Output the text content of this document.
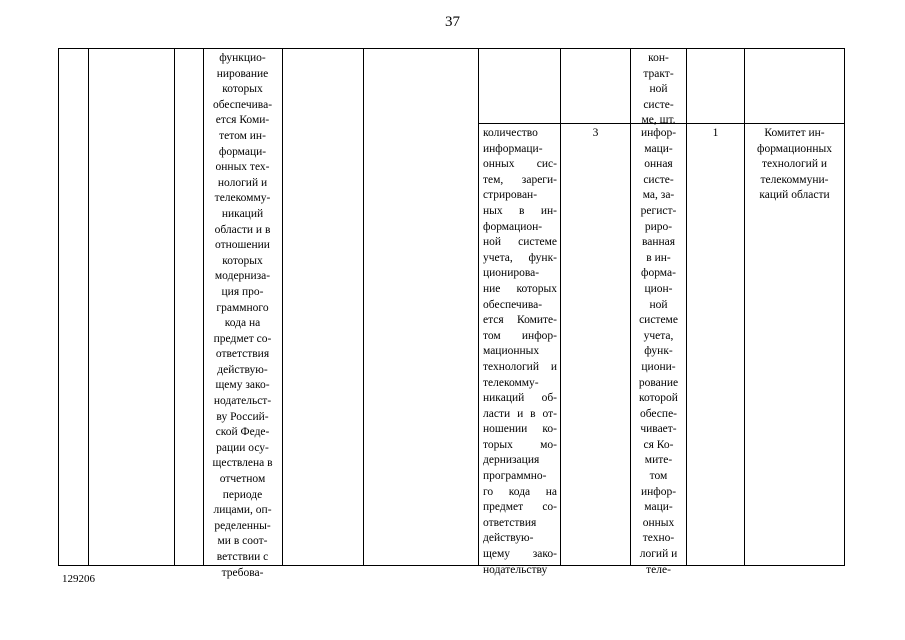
37
функцио-
нирование
которых
обеспечива-
ется Коми-
тетом ин-
формаци-
онных тех-
нологий и
телекомму-
никаций
области и в
отношении
которых
модерниза-
ция про-
граммного
кода на
предмет со-
ответствия
действую-
щему зако-
нодательст-
ву Россий-
ской Феде-
рации осу-
ществлена в
отчетном
периоде
лицами, оп-
ределенны-
ми в соот-
ветствии с
требова-
кон-
тракт-
ной
систе-
ме, шт.
количество
информаци-
онных сис-
тем, зареги-
стрирован-
ных в ин-
формацион-
ной системе
учета, функ-
ционирова-
ние которых
обеспечива-
ется Комите-
том инфор-
мационных
технологий и
телекомму-
никаций об-
ласти и в от-
ношении ко-
торых мо-
дернизация
программно-
го кода на
предмет со-
ответствия
действую-
щему зако-
нодательству
3	инфор-
маци-
онная
систе-
ма, за-
регист-
риро-
ванная
в ин-
форма-
цион-
ной
системе
учета,
функ-
циони-
рование
которой
обеспе-
чивает-
ся Ко-
мите-
том
инфор-
маци-
онных
техно-
логий и
теле-
1	Комитет ин-
формационных
технологий и
телекоммуни-
каций области
129206
